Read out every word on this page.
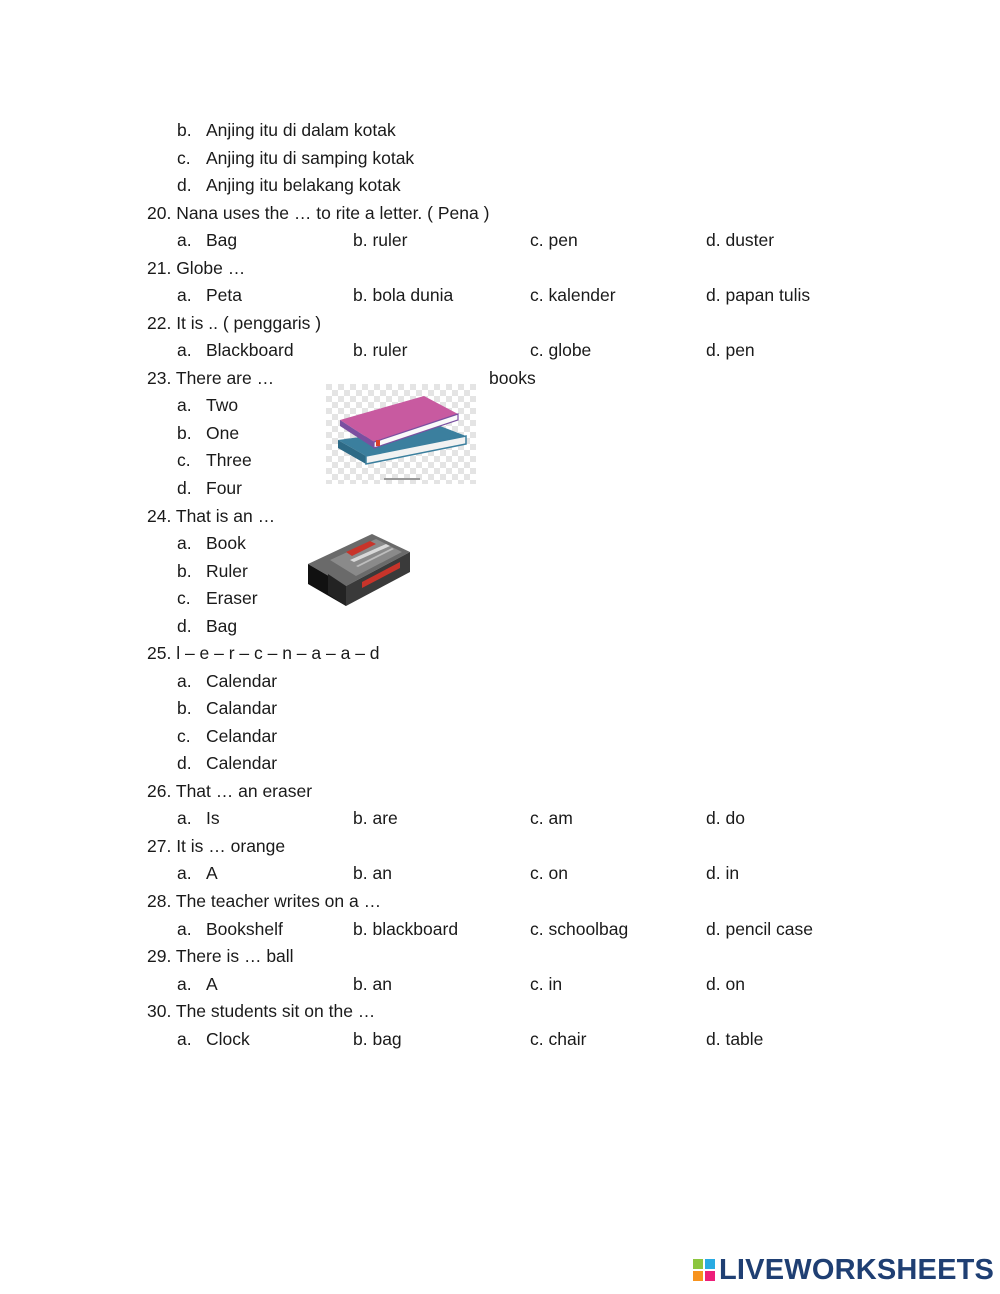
b. Anjing itu di dalam kotak
c. Anjing itu di samping kotak
d. Anjing itu belakang kotak
20. Nana uses the … to rite a letter. ( Pena )
a. Bag	b. ruler	c. pen	d. duster
21. Globe …
a. Peta	b. bola dunia	c. kalender	d. papan tulis
22. It is .. ( penggaris )
a. Blackboard	b. ruler	c. globe	d. pen
23. There are …	books
a. Two
b. One
c. Three
d. Four
24. That is an …
a. Book
b. Ruler
c. Eraser
d. Bag
25. l – e – r – c – n – a – a – d
a. Calendar
b. Calandar
c. Celandar
d. Calendar
26. That … an eraser
a. Is	b. are	c. am	d. do
27. It is … orange
a. A	b. an	c. on	d. in
28. The teacher writes on a …
a. Bookshelf	b. blackboard	c. schoolbag	d. pencil case
29. There is … ball
a. A	b. an	c. in	d. on
30. The students sit on the …
a. Clock	b. bag	c. chair	d. table
LIVEWORKSHEETS
